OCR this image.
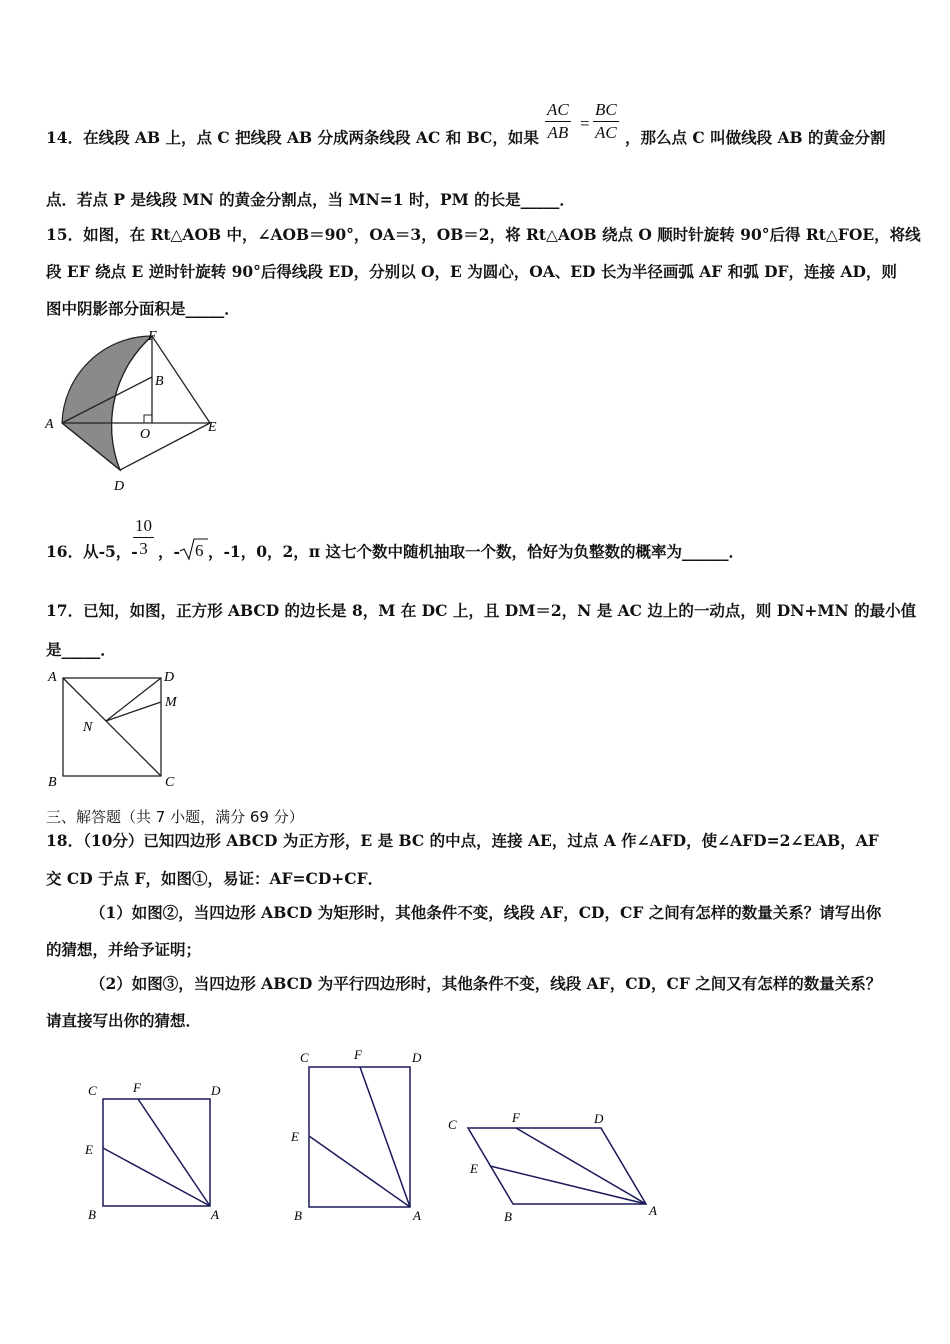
14．在线段 AB 上，点 C 把线段 AB 分成两条线段 AC 和 BC，如果 $\frac{AC}{AB} = \frac{BC}{AC}$ ，那么点 C 叫做线段 AB 的黄金分割
点．若点 P 是线段 MN 的黄金分割点，当 MN=1 时，PM 的长是_____．
15．如图，在 Rt△AOB 中，∠AOB＝90°，OA＝3，OB＝2，将 Rt△AOB 绕点 O 顺时针旋转 90°后得 Rt△FOE，将线
段 EF 绕点 E 逆时针旋转 90°后得线段 ED，分别以 O，E 为圆心，OA、ED 长为半径画弧 AF 和弧 DF，连接 AD，则
图中阴影部分面积是_____．
F
B
A
O	E
D
16．从-5，-
$\frac{10}{3}$ ，- 6 ，-1，0，2，π 这七个数中随机抽取一个数，恰好为负整数的概率为______．
17．已知，如图，正方形 ABCD 的边长是 8，M 在 DC 上，且 DM＝2，N 是 AC 边上的一动点，则 DN+MN 的最小值
是_____．
A	D
M
N
B	C
三、解答题（共 7 小题，满分 69 分）
18．（10分）已知四边形 ABCD 为正方形，E 是 BC 的中点，连接 AE，过点 A 作∠AFD，使∠AFD=2∠EAB，AF
交 CD 于点 F，如图①，易证：AF=CD+CF．
（1）如图②，当四边形 ABCD 为矩形时，其他条件不变，线段 AF，CD，CF 之间有怎样的数量关系？请写出你
的猜想，并给予证明；
（2）如图③，当四边形 ABCD 为平行四边形时，其他条件不变，线段 AF，CD，CF 之间又有怎样的数量关系？
请直接写出你的猜想．
C	F	D
E
B	A
C	F	D
E
B	A
C	F	D
E
B	A
